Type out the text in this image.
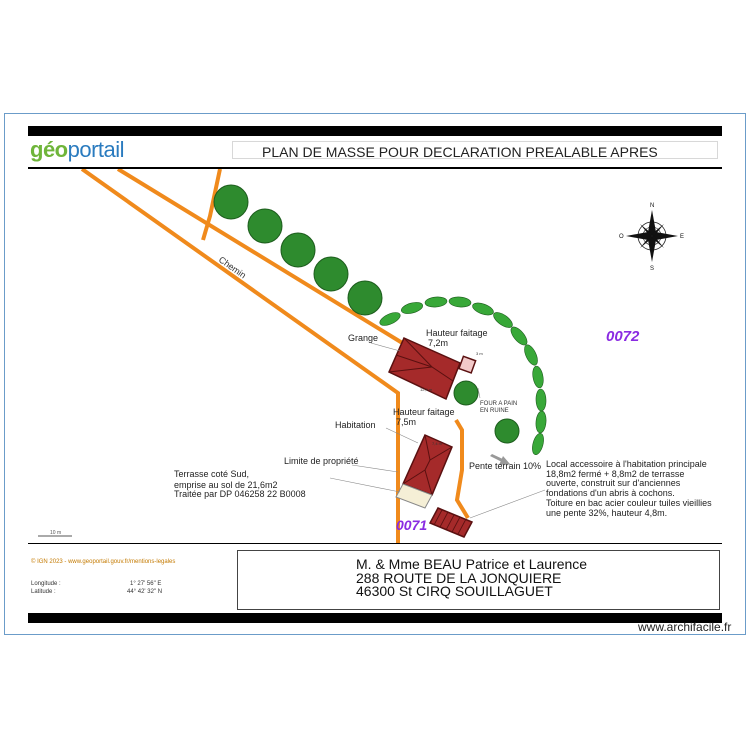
géoportail	PLAN DE MASSE POUR DECLARATION PREALABLE APRES
Chemin
12,4 m
3 m
7,4 m
Grange	Hauteur faitage
7,2m
FOUR A PAIN
EN RUINE
Habitation
Hauteur faitage
7,5m
Limite de propriété
Terrasse coté Sud,
emprise au sol de 21,6m2
Traitée par DP 046258 22 B0008
Pente terrain 10% Local accessoire à l'habitation principale
18,8m2 fermé + 8,8m2 de terrasse
ouverte, construit sur d'anciennes
fondations d'un abris à cochons.
Toiture en bac acier couleur tuiles vieillies
une pente 32%, hauteur 4,8m.
0072
0071
10 m
N
S
E
O
© IGN 2023 - www.geoportail.gouv.fr/mentions-legales
Longitude :	1° 27' 56" E
Latitude :	44° 42' 32" N
M. & Mme BEAU Patrice et Laurence
288 ROUTE DE LA JONQUIERE
46300 St CIRQ SOUILLAGUET
www.archifacile.fr
